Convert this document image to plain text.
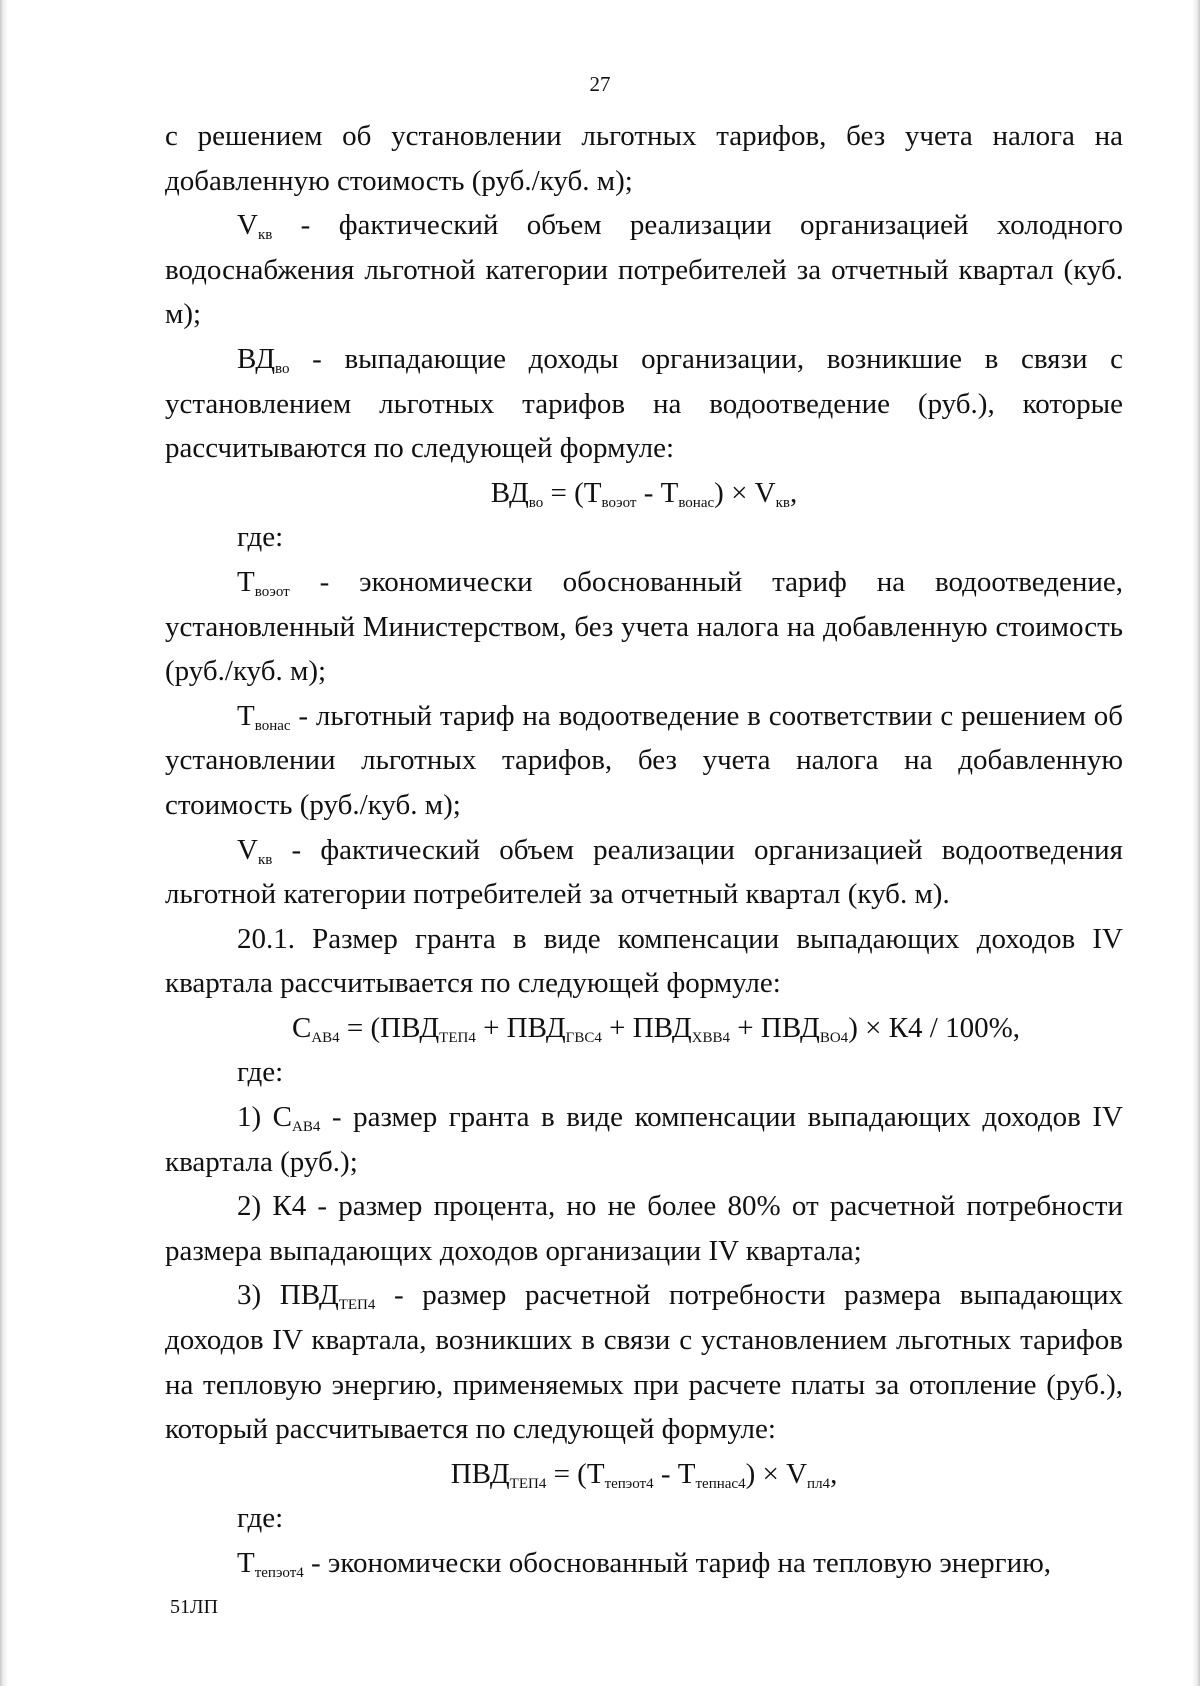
27

с решением об установлении льготных тарифов, без учета налога на добавленную стоимость (руб./куб. м);

$V_{кв}$ - фактический объем реализации организацией холодного водоснабжения льготной категории потребителей за отчетный квартал (куб. м);

$ВД_{во}$ - выпадающие доходы организации, возникшие в связи с установлением льготных тарифов на водоотведение (руб.), которые рассчитываются по следующей формуле:

$ВД_{во} = (Т_{воэот} - Т_{вонас}) \times V_{кв}$,

где:

$Т_{воэот}$ - экономически обоснованный тариф на водоотведение, установленный Министерством, без учета налога на добавленную стоимость (руб./куб. м);

$Т_{вонас}$ - льготный тариф на водоотведение в соответствии с решением об установлении льготных тарифов, без учета налога на добавленную стоимость (руб./куб. м);

$V_{кв}$ - фактический объем реализации организацией водоотведения льготной категории потребителей за отчетный квартал (куб. м).

20.1. Размер гранта в виде компенсации выпадающих доходов IV квартала рассчитывается по следующей формуле:

$С_{АВ4} = (ПВД_{ТЕП4} + ПВД_{ГВС4} + ПВД_{ХВВ4} + ПВД_{ВО4}) \times К4 / 100\%$,

где:

1) $С_{АВ4}$ - размер гранта в виде компенсации выпадающих доходов IV квартала (руб.);

2) К4 - размер процента, но не более 80% от расчетной потребности размера выпадающих доходов организации IV квартала;

3) $ПВД_{ТЕП4}$ - размер расчетной потребности размера выпадающих доходов IV квартала, возникших в связи с установлением льготных тарифов на тепловую энергию, применяемых при расчете платы за отопление (руб.), который рассчитывается по следующей формуле:

$ПВД_{ТЕП4} = (Т_{тепэот4} - Т_{тепнас4}) \times V_{пл4}$,

где:

$Т_{тепэот4}$ - экономически обоснованный тариф на тепловую энергию,

51ЛП
